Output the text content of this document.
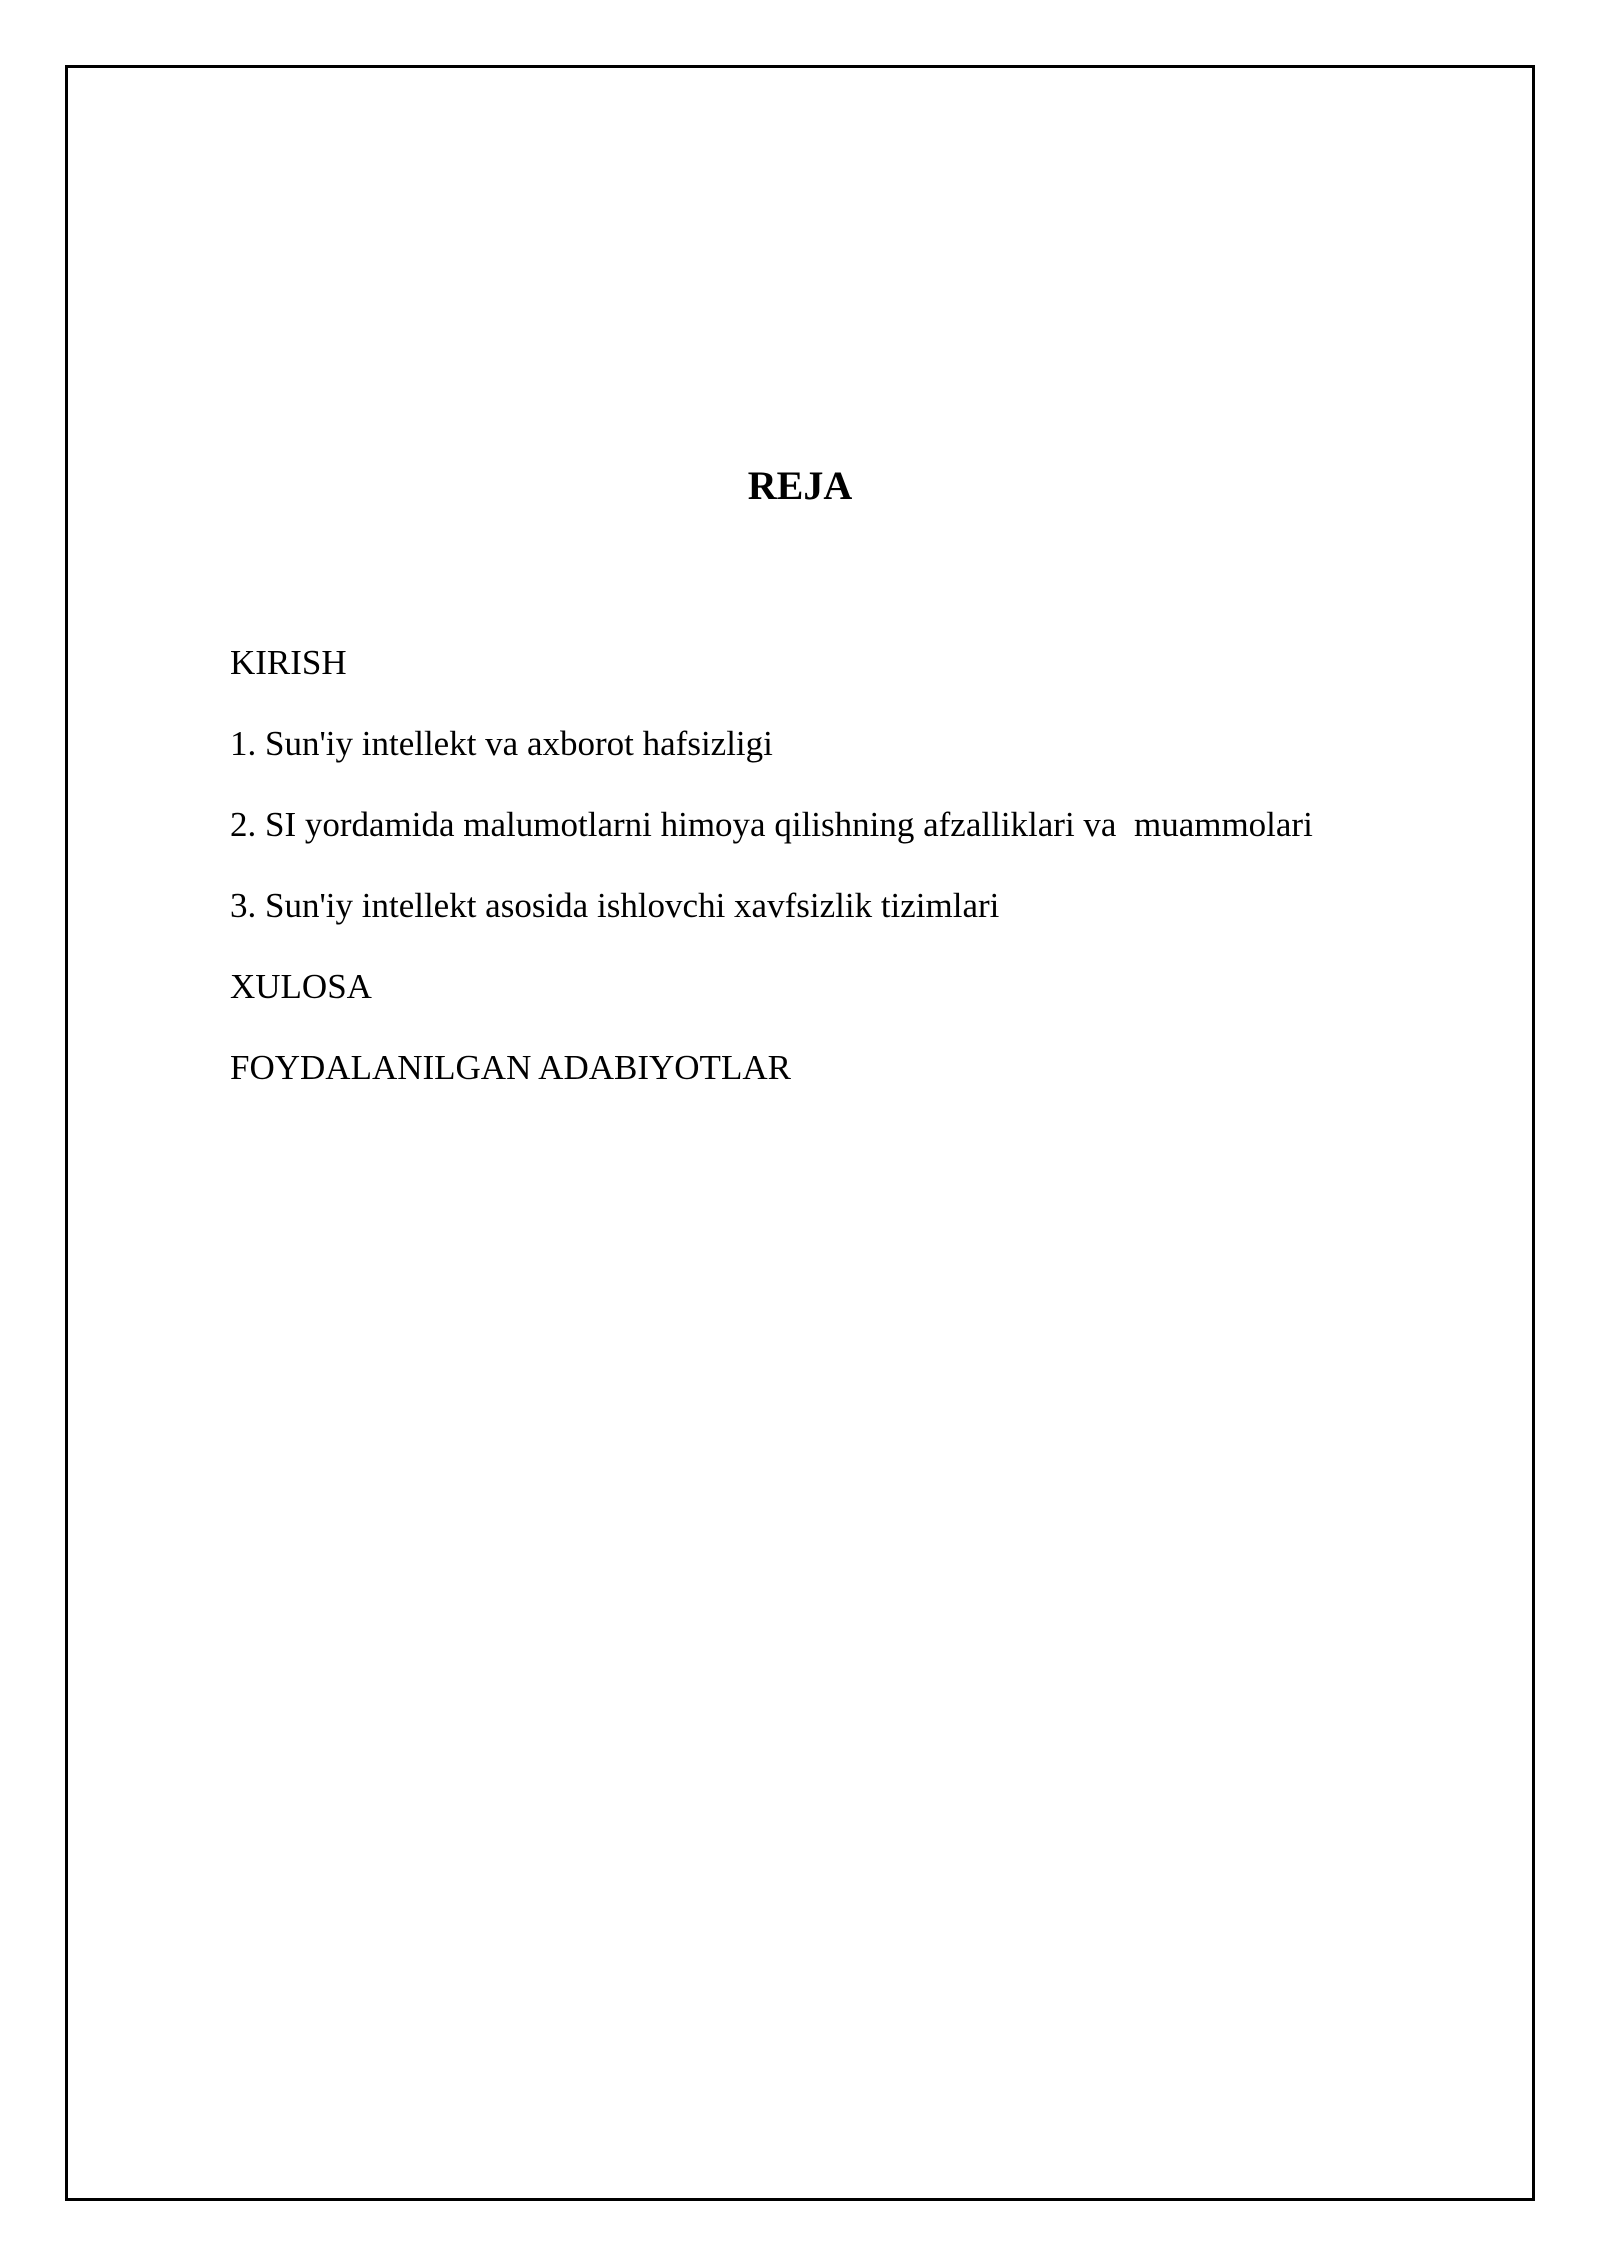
REJA
KIRISH
1. Sun'iy intellekt va axborot hafsizligi
2. SI yordamida malumotlarni himoya qilishning afzalliklari va  muammolari
3. Sun'iy intellekt asosida ishlovchi xavfsizlik tizimlari
XULOSA
FOYDALANILGAN ADABIYOTLAR
